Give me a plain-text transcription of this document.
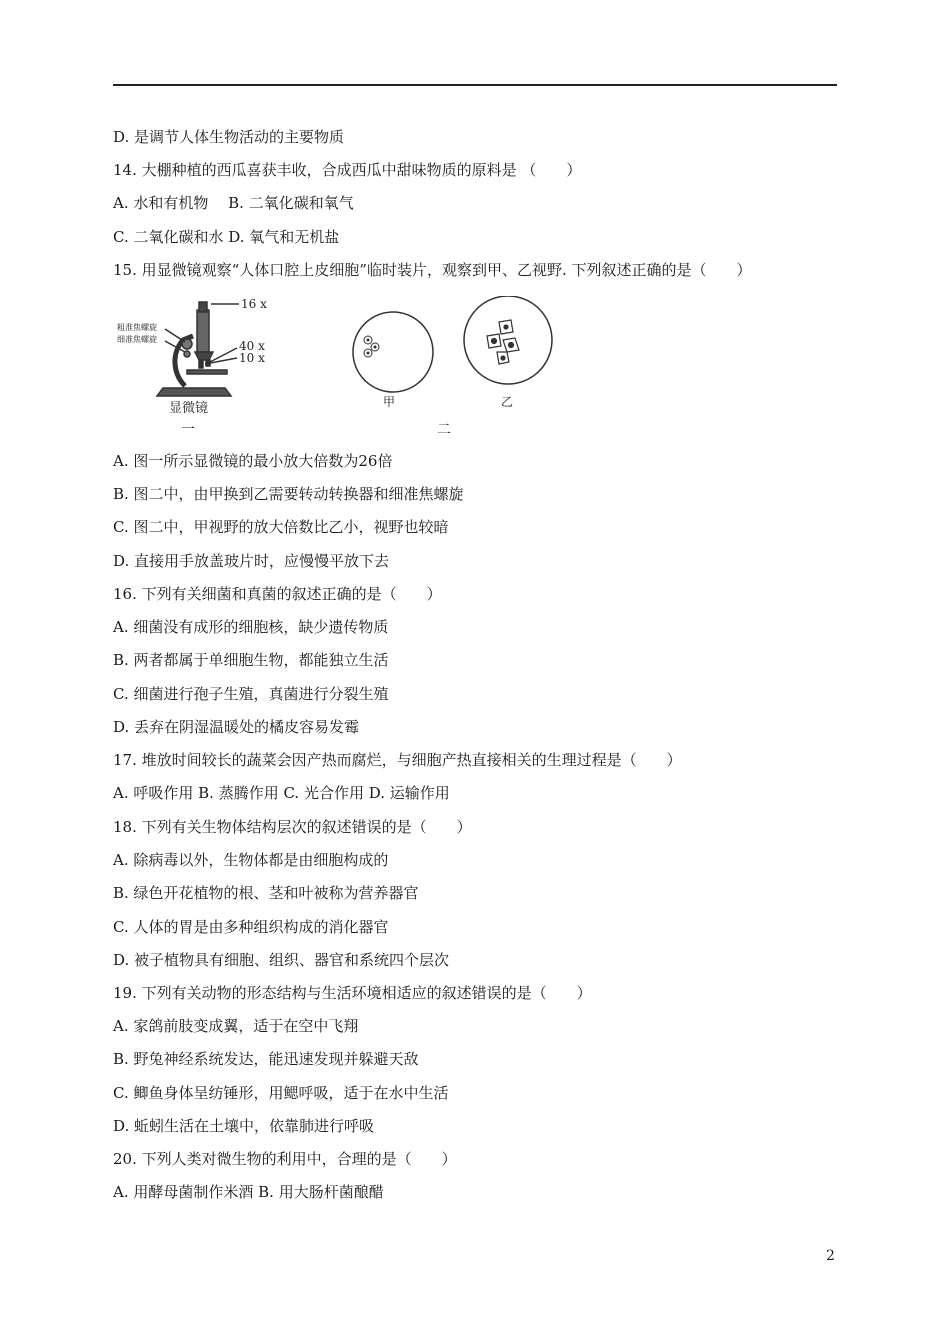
D. 是调节人体生物活动的主要物质
14. 大棚种植的西瓜喜获丰收，合成西瓜中甜味物质的原料是 （　　）
A. 水和有机物　 B. 二氧化碳和氧气
C. 二氧化碳和水 D. 氧气和无机盐
15. 用显微镜观察“人体口腔上皮细胞”临时装片，观察到甲、乙视野. 下列叙述正确的是（　　）
16 x
粗准焦螺旋
细准焦螺旋	40 x
10 x
显微镜
一
甲	乙
二
A. 图一所示显微镜的最小放大倍数为26倍
B. 图二中，由甲换到乙需要转动转换器和细准焦螺旋
C. 图二中，甲视野的放大倍数比乙小，视野也较暗
D. 直接用手放盖玻片时，应慢慢平放下去
16. 下列有关细菌和真菌的叙述正确的是（　　）
A. 细菌没有成形的细胞核，缺少遗传物质
B. 两者都属于单细胞生物，都能独立生活
C. 细菌进行孢子生殖，真菌进行分裂生殖
D. 丢弃在阴湿温暖处的橘皮容易发霉
17. 堆放时间较长的蔬菜会因产热而腐烂，与细胞产热直接相关的生理过程是（　　）
A. 呼吸作用 B. 蒸腾作用 C. 光合作用 D. 运输作用
18. 下列有关生物体结构层次的叙述错误的是（　　）
A. 除病毒以外，生物体都是由细胞构成的
B. 绿色开花植物的根、茎和叶被称为营养器官
C. 人体的胃是由多种组织构成的消化器官
D. 被子植物具有细胞、组织、器官和系统四个层次
19. 下列有关动物的形态结构与生活环境相适应的叙述错误的是（　　）
A. 家鸽前肢变成翼，适于在空中飞翔
B. 野兔神经系统发达，能迅速发现并躲避天敌
C. 鲫鱼身体呈纺锤形，用鳃呼吸，适于在水中生活
D. 蚯蚓生活在土壤中，依靠肺进行呼吸
20. 下列人类对微生物的利用中，合理的是（　　）
A. 用酵母菌制作米酒 B. 用大肠杆菌酿醋
2
